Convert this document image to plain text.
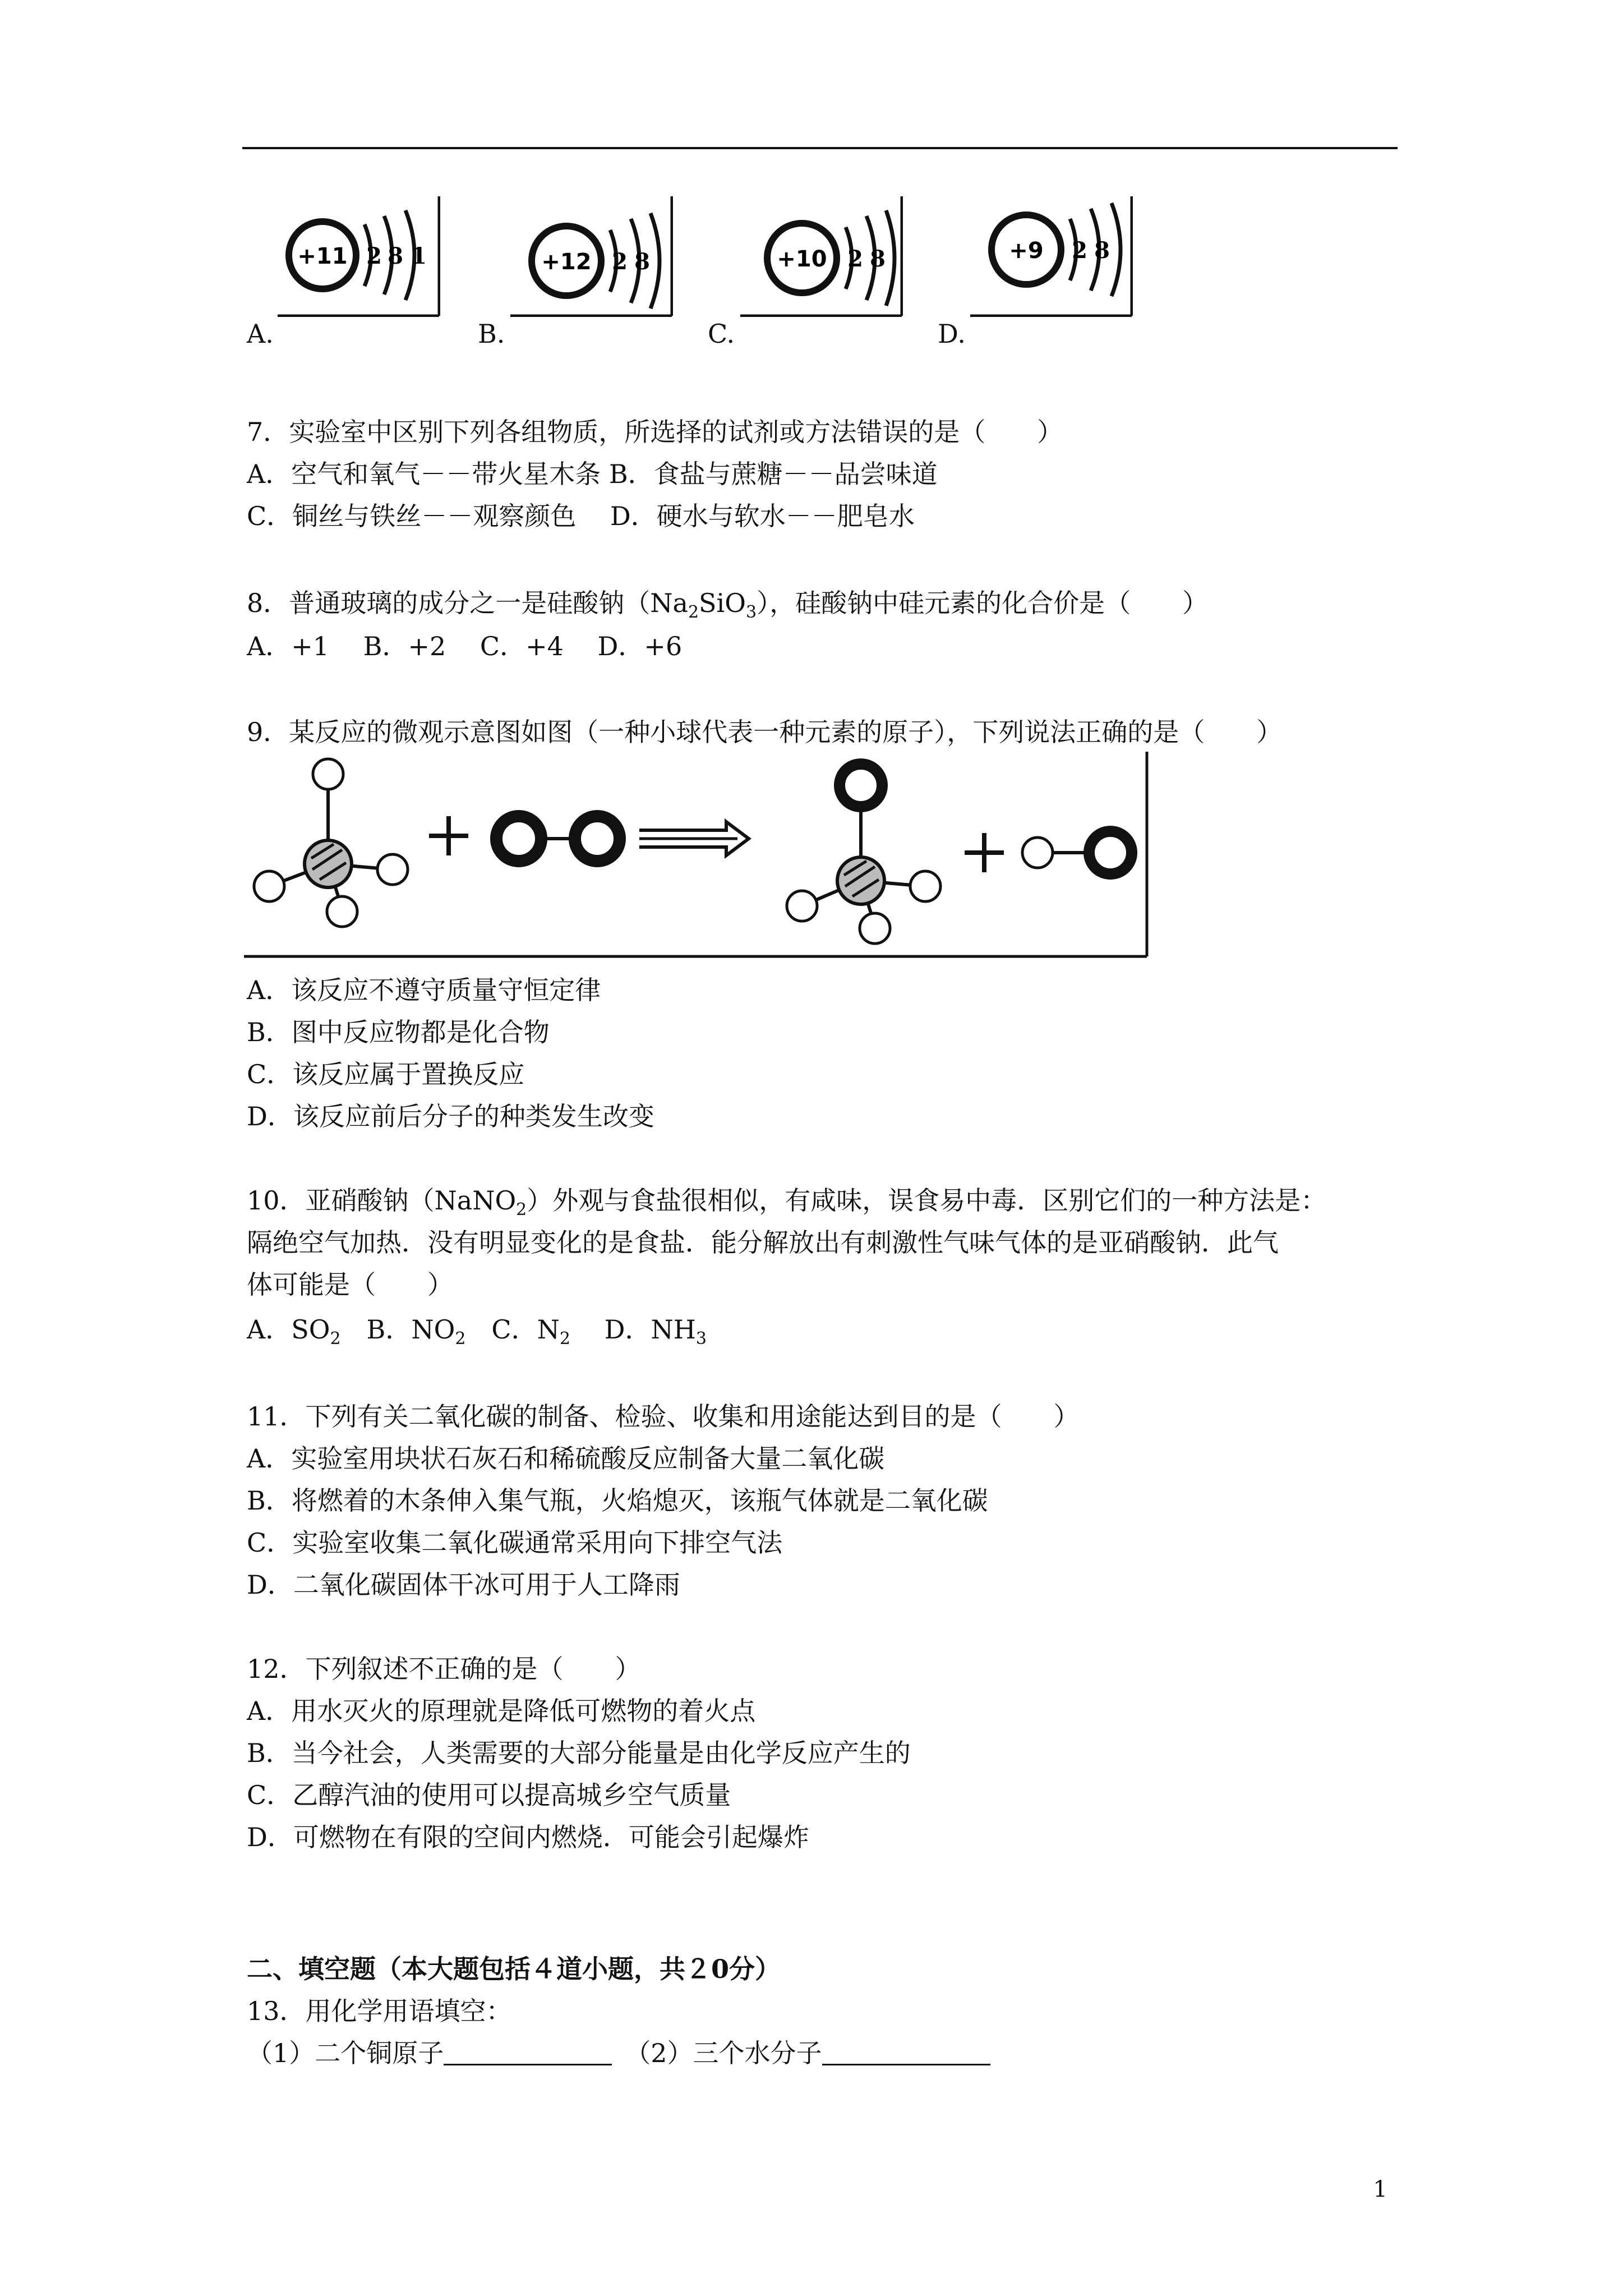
+11 2 8 1
A.
+12 2 8
B.
+10 2 8
C.
+9 2 8
D.
7．实验室中区别下列各组物质，所选择的试剂或方法错误的是（　　）
A．空气和氧气－－带火星木条 B．食盐与蔗糖－－品尝味道
C．铜丝与铁丝－－观察颜色　 D．硬水与软水－－肥皂水
8．普通玻璃的成分之一是硅酸钠$(Na_2SiO_3)$，硅酸钠中硅元素的化合价是（　　）
A．+1　 B．+2　 C．+4　 D．+6
9．某反应的微观示意图如图（一种小球代表一种元素的原子），下列说法正确的是（　　）
A．该反应不遵守质量守恒定律
B．图中反应物都是化合物
C．该反应属于置换反应
D．该反应前后分子的种类发生改变
10．亚硝酸钠（NaNO$_2$）外观与食盐很相似，有咸味，误食易中毒．区别它们的一种方法是：
隔绝空气加热．没有明显变化的是食盐．能分解放出有刺激性气味气体的是亚硝酸钠．此气
体可能是（　　）
A．$SO_2$　B．$NO_2$　C．$N_2$　 D．$NH_3$
11．下列有关二氧化碳的制备、检验、收集和用途能达到目的是（　　）
A．实验室用块状石灰石和稀硫酸反应制备大量二氧化碳
B．将燃着的木条伸入集气瓶，火焰熄灭，该瓶气体就是二氧化碳
C．实验室收集二氧化碳通常采用向下排空气法
D．二氧化碳固体干冰可用于人工降雨
12．下列叙述不正确的是（　　）
A．用水灭火的原理就是降低可燃物的着火点
B．当今社会，人类需要的大部分能量是由化学反应产生的
C．乙醇汽油的使用可以提高城乡空气质量
D．可燃物在有限的空间内燃烧．可能会引起爆炸
二、填空题（本大题包括４道小题，共２0分）
13．用化学用语填空：
（1）二个铜原子　	（2）三个水分子
1
